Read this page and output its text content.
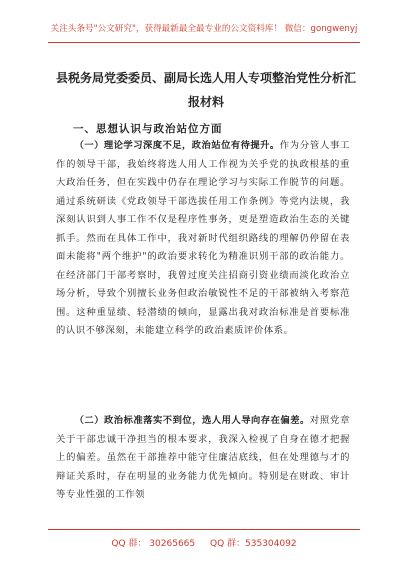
关注头条号"公文研究"，获得最新最全最专业的公文资料库！ 微信：gongwenyj
县税务局党委委员、副局长选人用人专项整治党性分析汇报材料
一、思想认识与政治站位方面
（一）理论学习深度不足，政治站位有待提升。作为分管人事工作的领导干部，我始终将选人用人工作视为关乎党的执政根基的重大政治任务，但在实践中仍存在理论学习与实际工作脱节的问题。通过系统研读《党政领导干部选拔任用工作条例》等党内法规，我深刻认识到人事工作不仅是程序性事务，更是塑造政治生态的关键抓手。然而在具体工作中，我对新时代组织路线的理解仍停留在表面未能将"两个维护"的政治要求转化为精准识别干部的政治能力。在经济部门干部考察时，我曾过度关注招商引资业绩而淡化政治立场分析，导致个别擅长业务但政治敏锐性不足的干部被纳入考察范围。这种重显绩、轻潜绩的倾向，显露出我对政治标准是首要标准的认识不够深刻，未能建立科学的政治素质评价体系。
（二）政治标准落实不到位，选人用人导向存在偏差。对照党章关于干部忠诚干净担当的根本要求，我深入检视了自身在德才把握上的偏差。虽然在干部推荐中能守住廉洁底线，但在处理德与才的辩证关系时，存在明显的业务能力优先倾向。特别是在财政、审计等专业性强的工作领
QQ 群： 30265665 QQ 群：535304092
